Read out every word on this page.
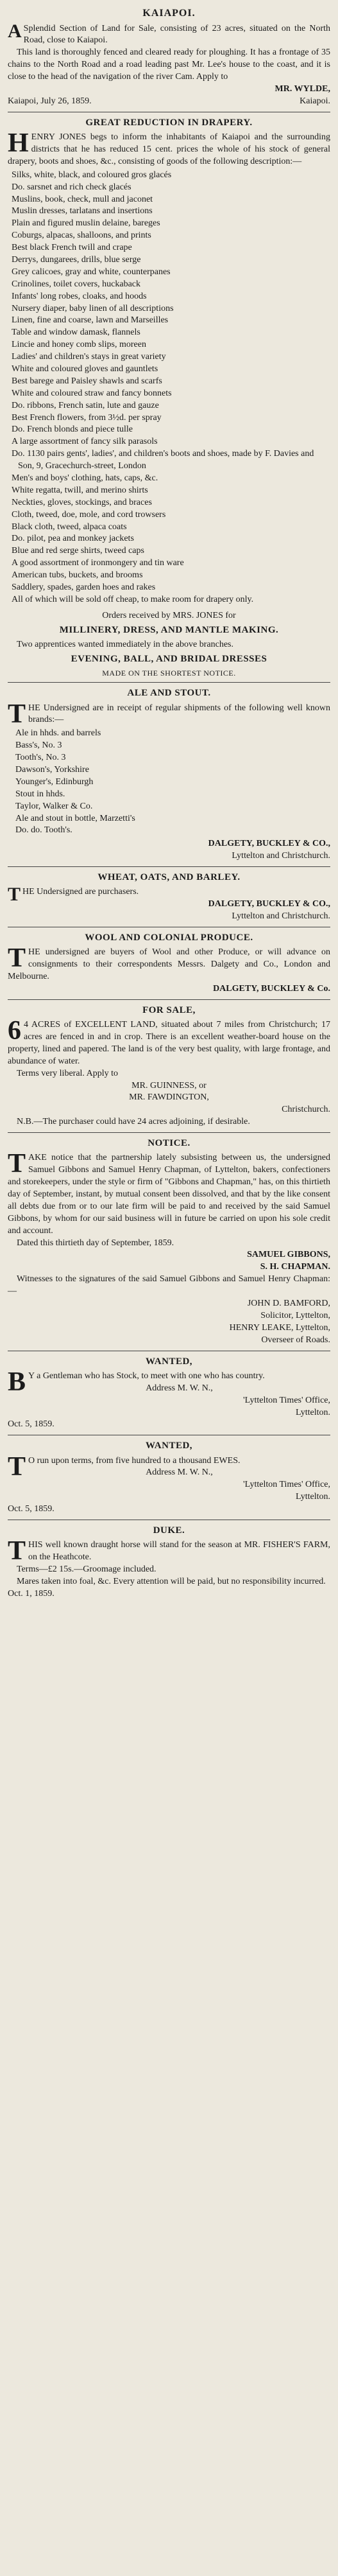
KAIAPOI.

ASplendid Section of Land for Sale, consisting of 23 acres, situated on the North Road, close to Kaiapoi.

This land is thoroughly fenced and cleared ready for ploughing. It has a frontage of 35 chains to the North Road and a road leading past Mr. Lee's house to the coast, and it is close to the head of the navigation of the river Cam. Apply to

MR. WYLDE,
Kaiapoi, July 26, 1859.	Kaiapoi.
GREAT REDUCTION IN DRAPERY.

HENRY JONES begs to inform the inhabitants of Kaiapoi and the surrounding districts that he has reduced 15 cent. prices the whole of his stock of general drapery, boots and shoes, &c., consisting of goods of the following description:—

Silks, white, black, and coloured gros glacés
Do. sarsnet and rich check glacés
Muslins, book, check, mull and jaconet
Muslin dresses, tarlatans and insertions
Plain and figured muslin delaine, bareges
Coburgs, alpacas, shalloons, and prints
Best black French twill and crape
Derrys, dungarees, drills, blue serge
Grey calicoes, gray and white, counterpanes
Crinolines, toilet covers, huckaback
Infants' long robes, cloaks, and hoods
Nursery diaper, baby linen of all descriptions
Linen, fine and coarse, lawn and Marseilles
Table and window damask, flannels
Lincie and honey comb slips, moreen
Ladies' and children's stays in great variety
White and coloured gloves and gauntlets
Best barege and Paisley shawls and scarfs
White and coloured straw and fancy bonnets
Do. ribbons, French satin, lute and gauze
Best French flowers, from 3½d. per spray
Do. French blonds and piece tulle
A large assortment of fancy silk parasols
Do. 1130 pairs gents', ladies', and children's boots and shoes, made by F. Davies and Son, 9, Gracechurch-street, London
Men's and boys' clothing, hats, caps, &c.
White regatta, twill, and merino shirts
Neckties, gloves, stockings, and braces
Cloth, tweed, doe, mole, and cord trowsers
Black cloth, tweed, alpaca coats
Do. pilot, pea and monkey jackets
Blue and red serge shirts, tweed caps
A good assortment of ironmongery and tin ware
American tubs, buckets, and brooms
Saddlery, spades, garden hoes and rakes
All of which will be sold off cheap, to make room for drapery only.
Orders received by MRS. JONES for
MILLINERY, DRESS, AND MANTLE MAKING.

Two apprentices wanted immediately in the above branches.

EVENING, BALL, AND BRIDAL DRESSES
MADE ON THE SHORTEST NOTICE.
ALE AND STOUT.

THE Undersigned are in receipt of regular shipments of the following well known brands:—

Ale in hhds. and barrels
Bass's, No. 3
Tooth's, No. 3
Dawson's, Yorkshire
Younger's, Edinburgh
Stout in hhds.
Taylor, Walker & Co.
Ale and stout in bottle, Marzetti's
Do. do. Tooth's.
DALGETY, BUCKLEY & CO.,
Lyttelton and Christchurch.
WHEAT, OATS, AND BARLEY.

THE Undersigned are purchasers.

DALGETY, BUCKLEY & CO.,
Lyttelton and Christchurch.
WOOL AND COLONIAL PRODUCE.

THE undersigned are buyers of Wool and other Produce, or will advance on consignments to their correspondents Messrs. Dalgety and Co., London and Melbourne.

DALGETY, BUCKLEY & Co.
FOR SALE,

64 ACRES of EXCELLENT LAND, situated about 7 miles from Christchurch; 17 acres are fenced in and in crop. There is an excellent weather-board house on the property, lined and papered. The land is of the very best quality, with large frontage, and abundance of water.

Terms very liberal. Apply to

MR. GUINNESS, or
MR. FAWDINGTON,
Christchurch.

N.B.—The purchaser could have 24 acres adjoining, if desirable.

NOTICE.

TAKE notice that the partnership lately subsisting between us, the undersigned Samuel Gibbons and Samuel Henry Chapman, of Lyttelton, bakers, confectioners and storekeepers, under the style or firm of "Gibbons and Chapman," has, on this thirtieth day of September, instant, by mutual consent been dissolved, and that by the like consent all debts due from or to our late firm will be paid to and received by the said Samuel Gibbons, by whom for our said business will in future be carried on upon his sole credit and account.

Dated this thirtieth day of September, 1859.

SAMUEL GIBBONS,
S. H. CHAPMAN.

Witnesses to the signatures of the said Samuel Gibbons and Samuel Henry Chapman:—

JOHN D. BAMFORD,
Solicitor, Lyttelton,
HENRY LEAKE, Lyttelton,
Overseer of Roads.
WANTED,

BY a Gentleman who has Stock, to meet with one who has country.

Address M. W. N.,
'Lyttelton Times' Office,
Lyttelton.
Oct. 5, 1859.
WANTED,

TO run upon terms, from five hundred to a thousand EWES.

Address M. W. N.,
'Lyttelton Times' Office,
Lyttelton.
Oct. 5, 1859.
DUKE.

THIS well known draught horse will stand for the season at MR. FISHER'S FARM, on the Heathcote.

Terms—£2 15s.—Groomage included.

Mares taken into foal, &c. Every attention will be paid, but no responsibility incurred.

Oct. 1, 1859.
